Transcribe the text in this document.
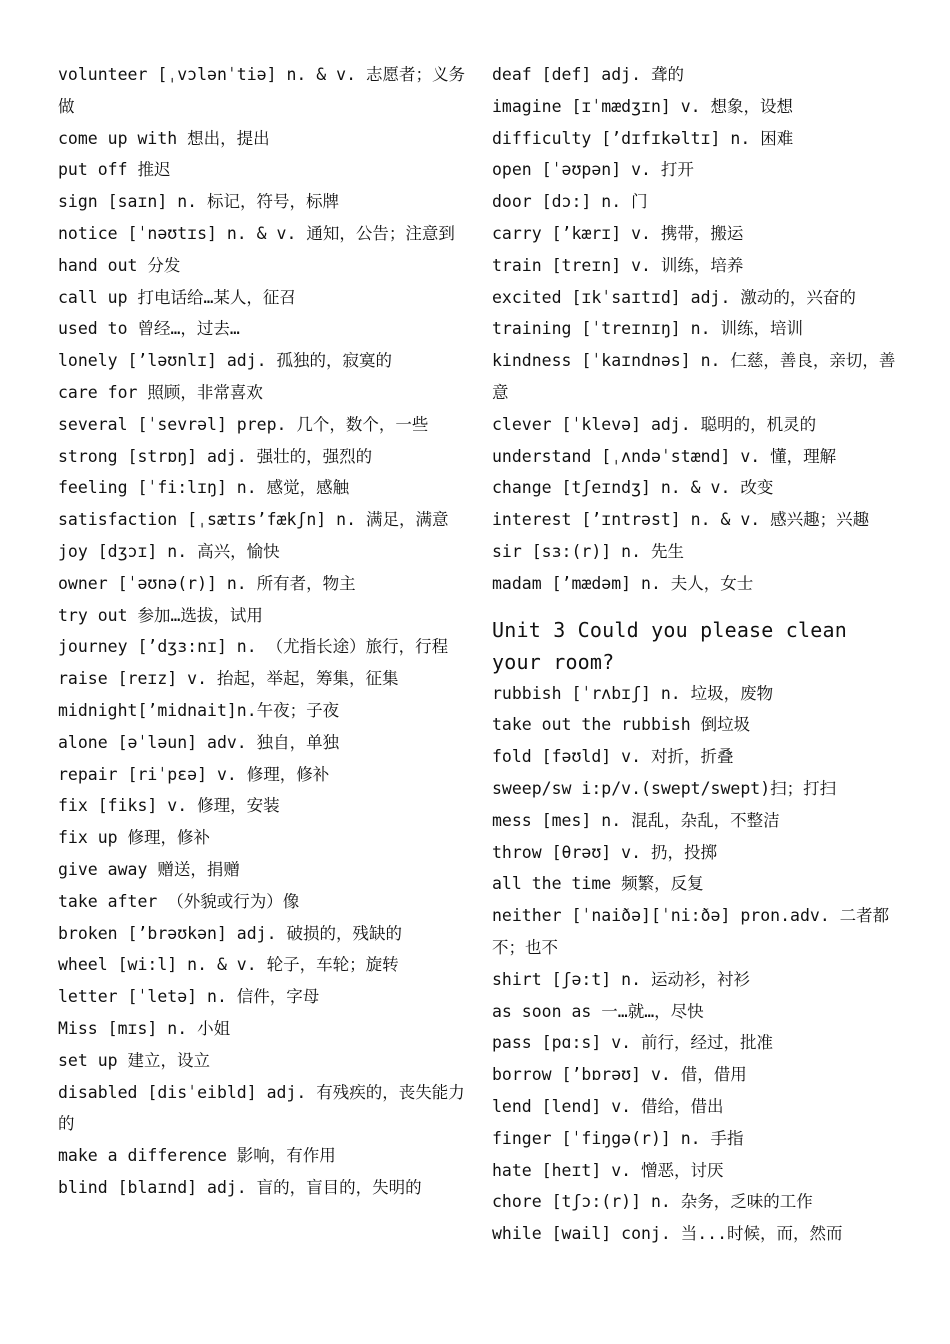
volunteer [ˌvɔlənˈtiə] n. & v. 志愿者；义务做

come up with 想出，提出

put off 推迟

sign [saɪn] n. 标记，符号，标牌

notice [ˈnəʊtɪs] n. & v. 通知，公告；注意到

hand out 分发

call up 打电话给…某人，征召

used to 曾经…，过去…

lonely [’ləʊnlɪ] adj. 孤独的，寂寞的

care for 照顾，非常喜欢

several [ˈsevrəl] prep. 几个，数个，一些

strong [strɒŋ] adj. 强壮的，强烈的

feeling [ˈfi:lɪŋ] n. 感觉，感触

satisfaction [ˌsætɪs’fækʃn] n. 满足，满意

joy [dʒɔɪ] n. 高兴，愉快

owner [ˈəʊnə(r)] n. 所有者，物主

try out 参加…选拔，试用

journey [’dʒɜ:nɪ] n. （尤指长途）旅行，行程

raise [reɪz] v. 抬起，举起，筹集，征集

midnight[’midnait]n.午夜；子夜

alone [əˈləun] adv. 独自，单独

repair [riˈpɛə] v. 修理，修补

fix [fiks] v. 修理，安装

fix up 修理，修补

give away 赠送，捐赠

take after （外貌或行为）像

broken [’brəʊkən] adj. 破损的，残缺的

wheel [wi:l] n. & v. 轮子，车轮；旋转

letter [ˈletə] n. 信件，字母

Miss [mɪs] n. 小姐

set up 建立，设立

disabled [disˈeibld] adj. 有残疾的，丧失能力的

make a difference 影响，有作用

blind [blaɪnd] adj. 盲的，盲目的，失明的

deaf [def] adj. 聋的

imagine [ɪˈmædʒɪn] v. 想象，设想

difficulty [’dɪfɪkəltɪ] n. 困难

open [ˈəʊpən] v. 打开

door [dɔ:] n. 门

carry [’kærɪ] v. 携带，搬运

train [treɪn] v. 训练，培养

excited [ɪkˈsaɪtɪd] adj. 激动的，兴奋的

training [ˈtreɪnɪŋ] n. 训练，培训

kindness [ˈkaɪndnəs] n. 仁慈，善良，亲切，善意

clever [ˈklevə] adj. 聪明的，机灵的

understand [ˌʌndəˈstænd] v. 懂，理解

change [tʃeɪndʒ] n. & v. 改变

interest [’ɪntrəst] n. & v. 感兴趣；兴趣

sir [sɜ:(r)] n. 先生

madam [’mædəm] n. 夫人，女士

Unit 3 Could you please clean your room?

rubbish [ˈrʌbɪʃ] n. 垃圾，废物

take out the rubbish 倒垃圾

fold [fəʊld] v. 对折，折叠

sweep/sw i:p/v.(swept/swept)扫；打扫

mess [mes] n. 混乱，杂乱，不整洁

throw [θrəʊ] v. 扔，投掷

all the time 频繁，反复

neither [ˈnaiðə][ˈni:ðə] pron.adv. 二者都不；也不

shirt [ʃə:t] n. 运动衫，衬衫

as soon as 一…就…，尽快

pass [pɑ:s] v. 前行，经过，批准

borrow [’bɒrəʊ] v. 借，借用

lend [lend] v. 借给，借出

finger [ˈfiŋgə(r)] n. 手指

hate [heɪt] v. 憎恶，讨厌

chore [tʃɔ:(r)] n. 杂务，乏味的工作

while [wail] conj. 当...时候，而，然而
